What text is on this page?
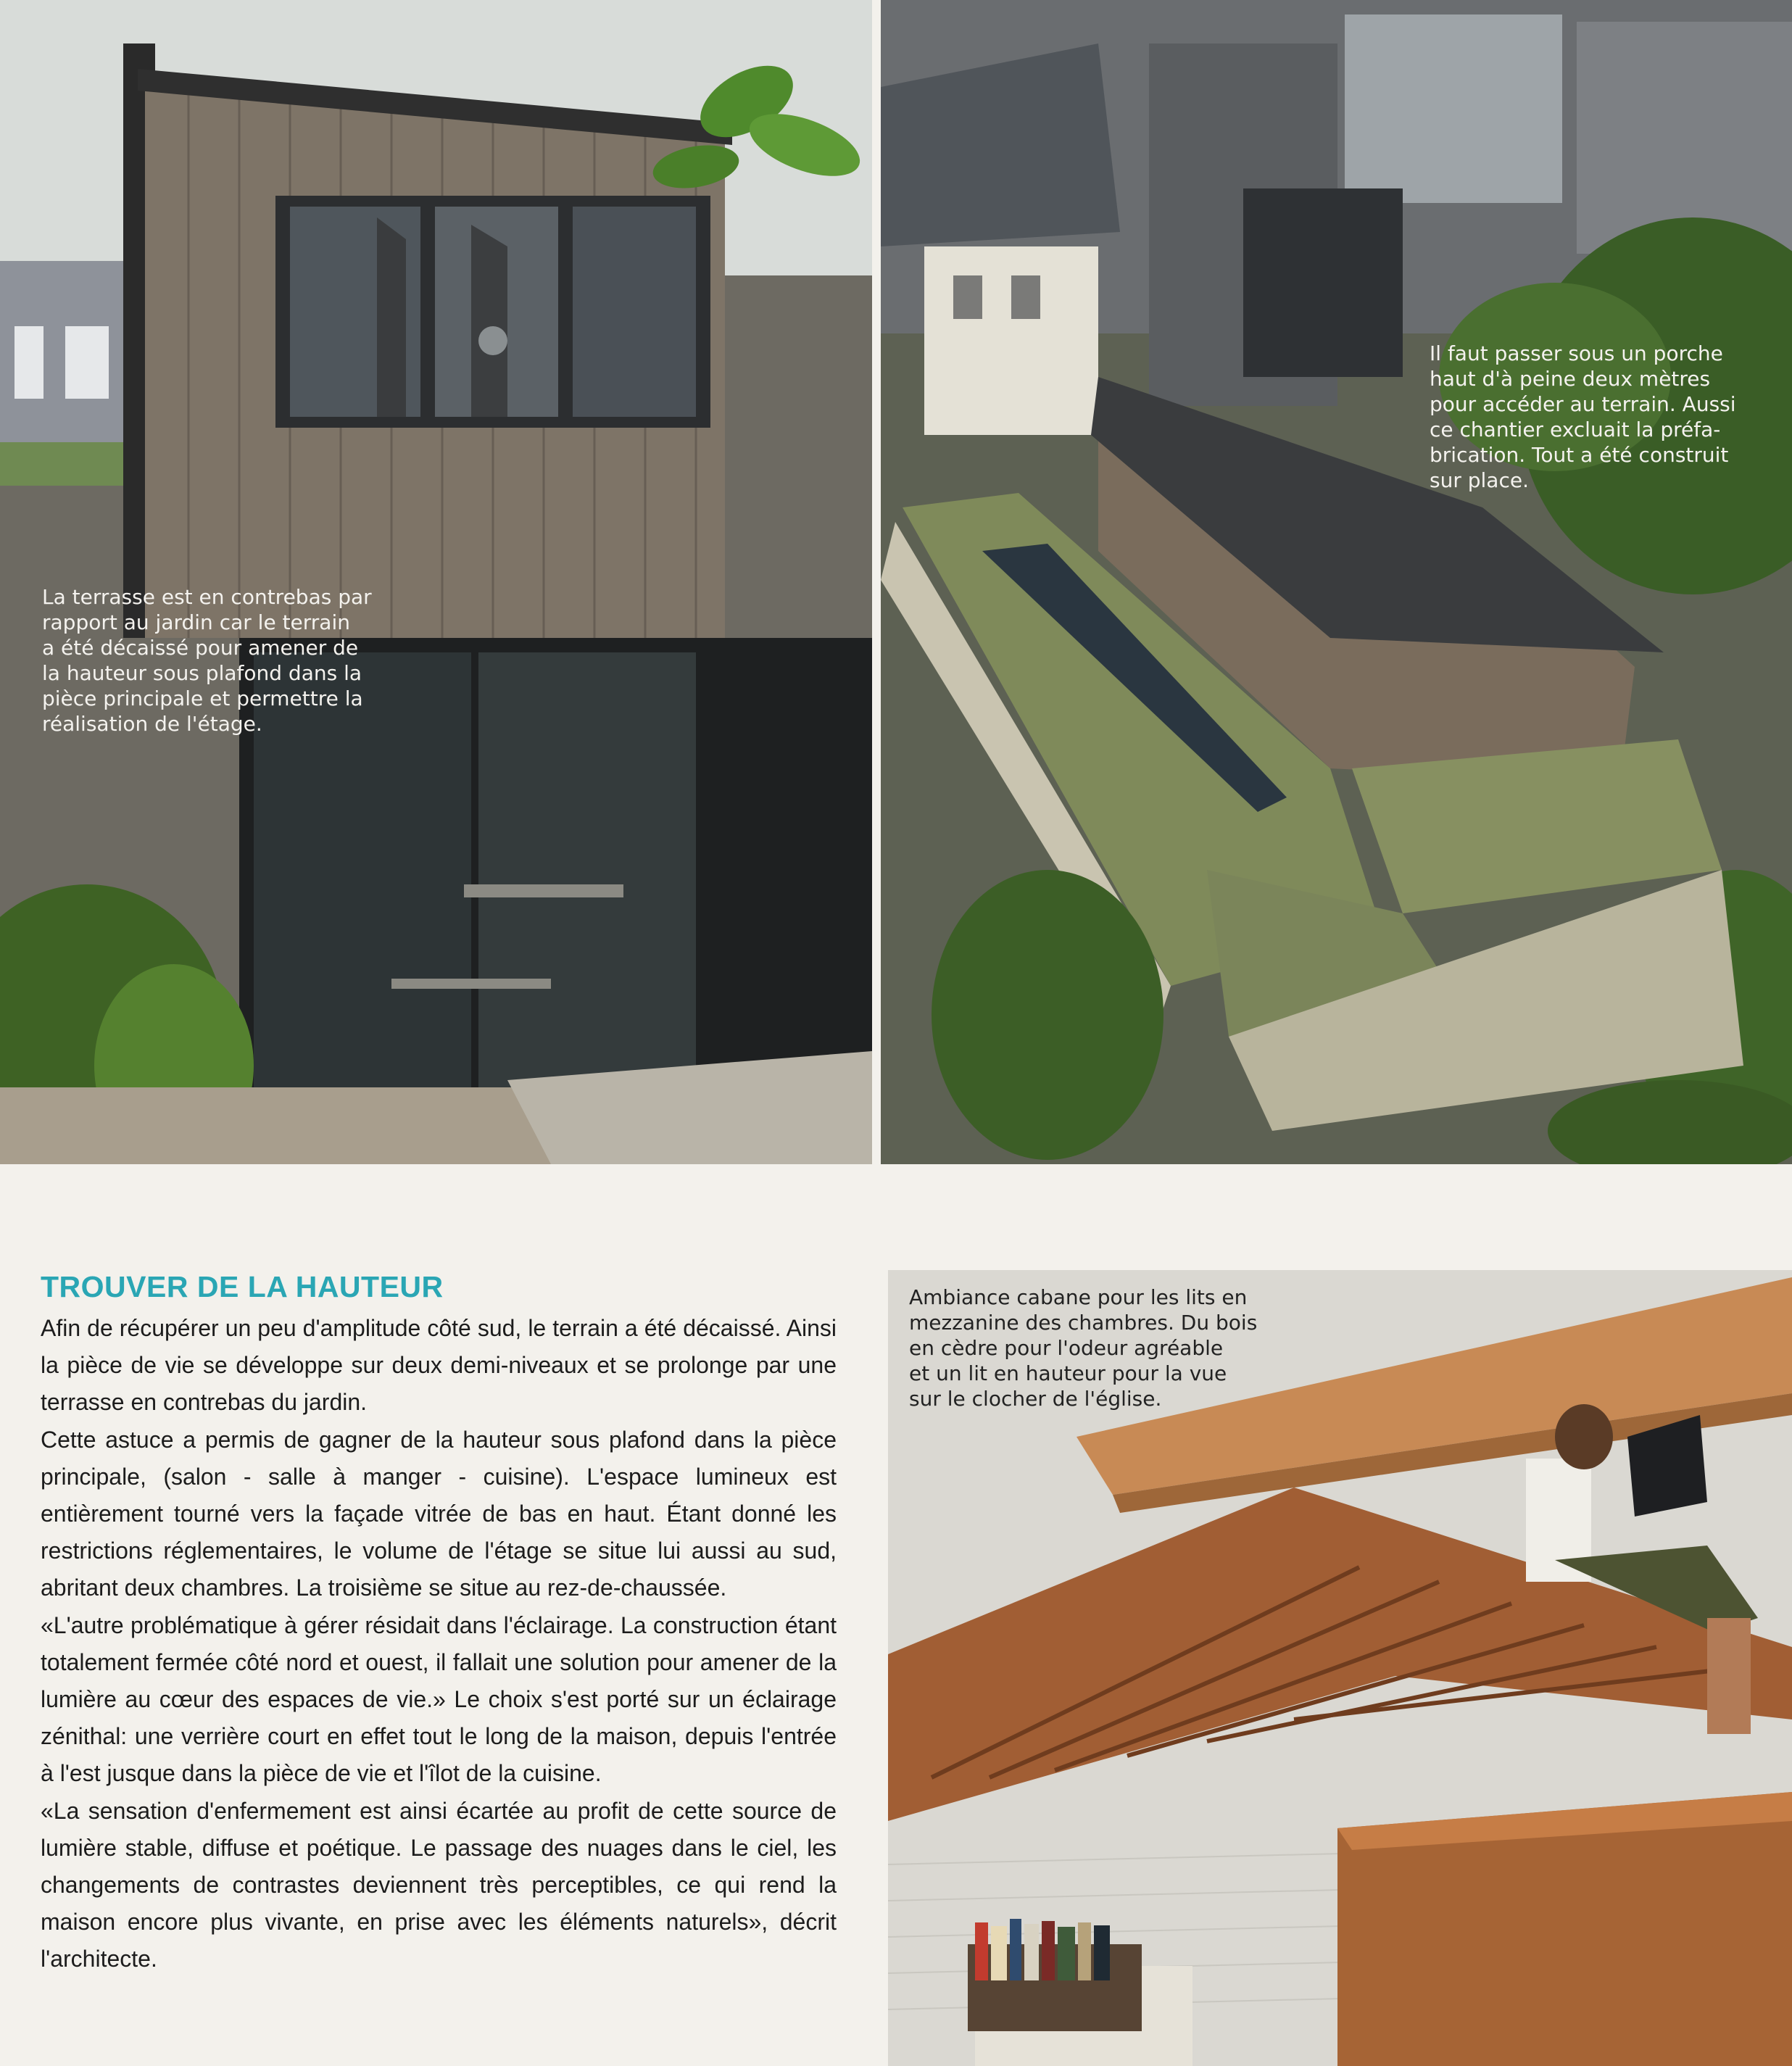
La terrasse est en contrebas par
rapport au jardin car le terrain
a été décaissé pour amener de
la hauteur sous plafond dans la
pièce principale et permettre la
réalisation de l'étage.
Il faut passer sous un porche
haut d'à peine deux mètres
pour accéder au terrain. Aussi
ce chantier excluait la préfa-
brication. Tout a été construit
sur place.
Ambiance cabane pour les lits en
mezzanine des chambres. Du bois
en cèdre pour l'odeur agréable
et un lit en hauteur pour la vue
sur le clocher de l'église.
TROUVER DE LA HAUTEUR

Afin de récupérer un peu d'amplitude côté sud, le terrain a été décaissé. Ainsi la pièce de vie se développe sur deux demi-niveaux et se prolonge par une terrasse en contrebas du jardin.

Cette astuce a permis de gagner de la hauteur sous plafond dans la pièce principale, (salon - salle à manger - cuisine). L'espace lumineux est entièrement tourné vers la façade vitrée de bas en haut. Étant donné les restrictions réglementaires, le volume de l'étage se situe lui aussi au sud, abritant deux chambres. La troisième se situe au rez-de-chaussée.

«L'autre problématique à gérer résidait dans l'éclairage. La construction étant totalement fermée côté nord et ouest, il fallait une solution pour amener de la lumière au cœur des espaces de vie.» Le choix s'est porté sur un éclairage zénithal: une verrière court en effet tout le long de la maison, depuis l'entrée à l'est jusque dans la pièce de vie et l'îlot de la cuisine.

«La sensation d'enfermement est ainsi écartée au profit de cette source de lumière stable, diffuse et poétique. Le passage des nuages dans le ciel, les changements de contrastes deviennent très perceptibles, ce qui rend la maison encore plus vivante, en prise avec les éléments naturels», décrit l'architecte.
